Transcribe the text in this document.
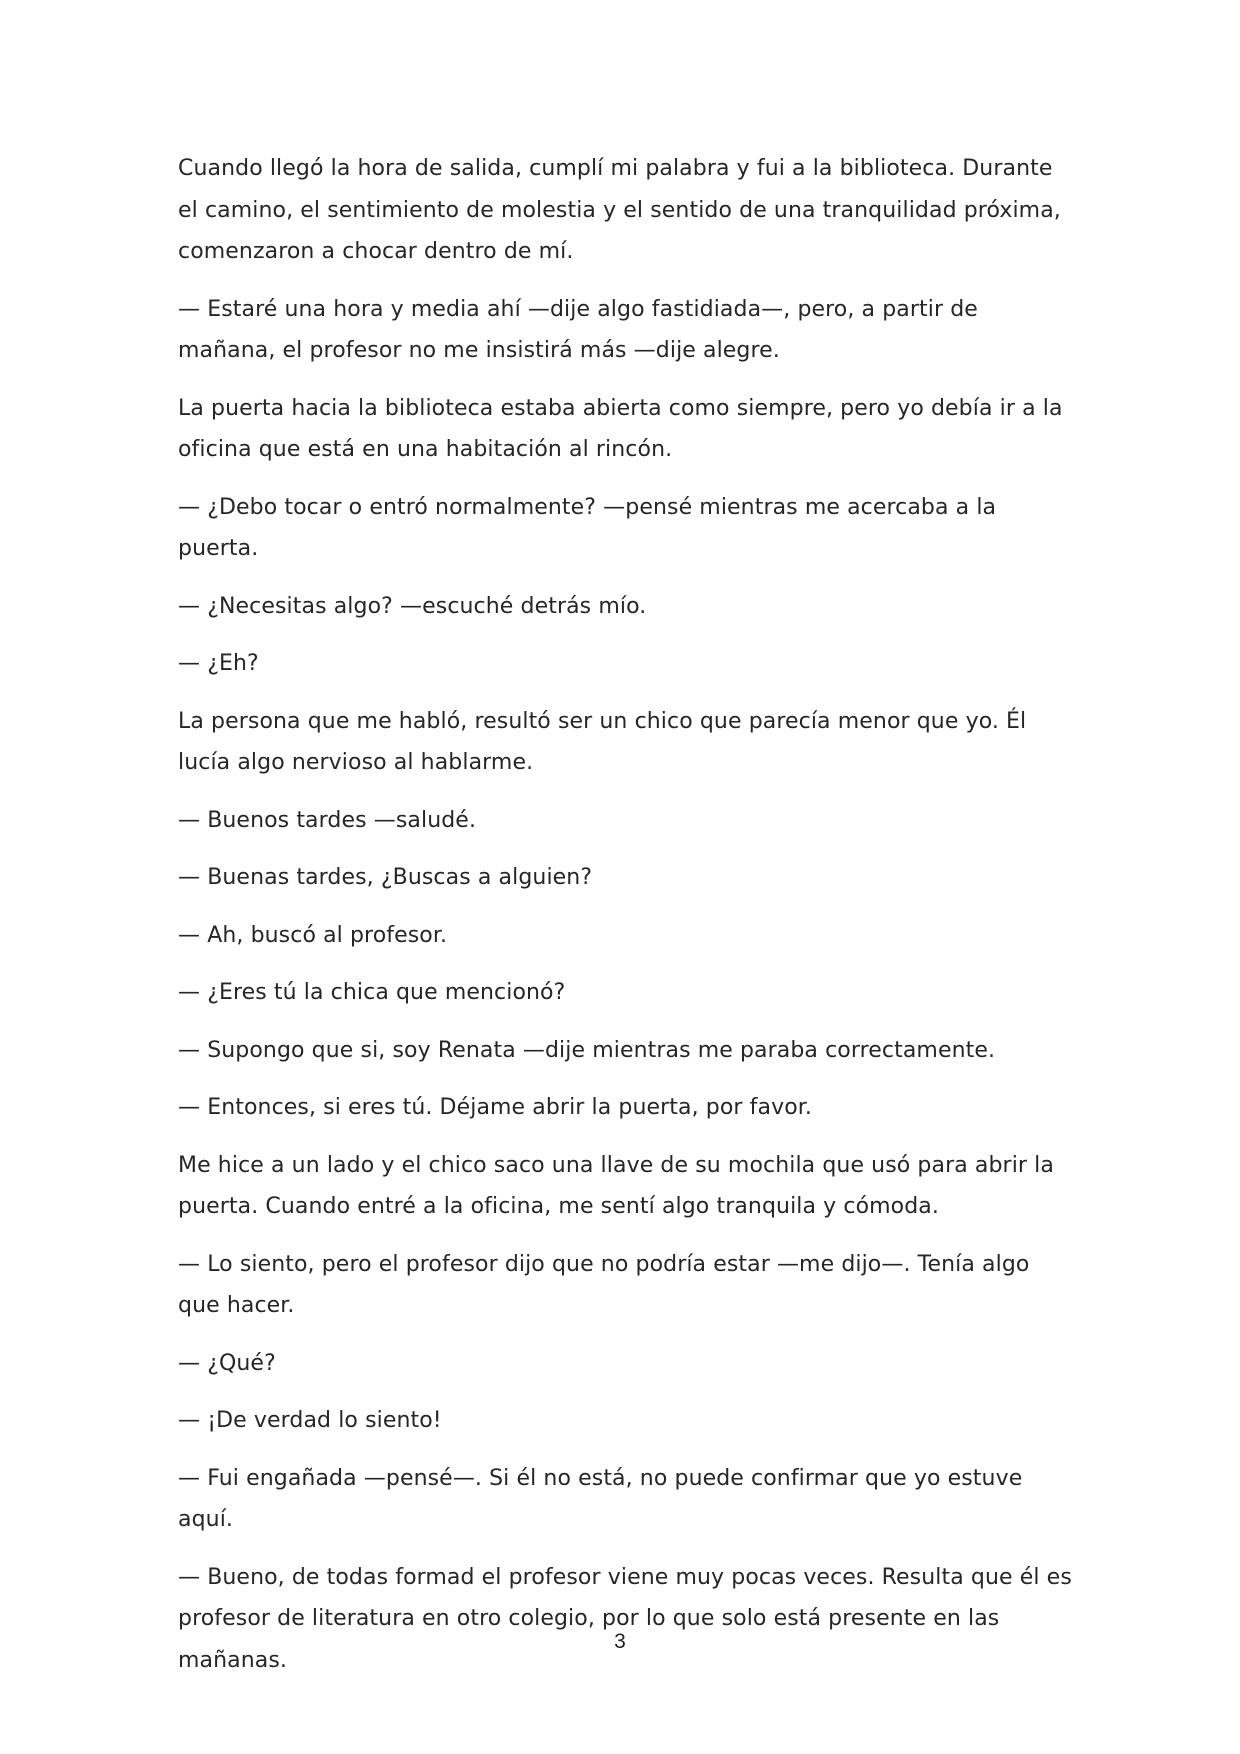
Cuando llegó la hora de salida, cumplí mi palabra y fui a la biblioteca. Durante el camino, el sentimiento de molestia y el sentido de una tranquilidad próxima, comenzaron a chocar dentro de mí.

— Estaré una hora y media ahí —dije algo fastidiada—, pero, a partir de mañana, el profesor no me insistirá más —dije alegre.

La puerta hacia la biblioteca estaba abierta como siempre, pero yo debía ir a la oficina que está en una habitación al rincón.

— ¿Debo tocar o entró normalmente? —pensé mientras me acercaba a la puerta.

— ¿Necesitas algo? —escuché detrás mío.

— ¿Eh?

La persona que me habló, resultó ser un chico que parecía menor que yo. Él lucía algo nervioso al hablarme.

— Buenos tardes —saludé.

— Buenas tardes, ¿Buscas a alguien?

— Ah, buscó al profesor.

— ¿Eres tú la chica que mencionó?

— Supongo que si, soy Renata —dije mientras me paraba correctamente.

— Entonces, si eres tú. Déjame abrir la puerta, por favor.

Me hice a un lado y el chico saco una llave de su mochila que usó para abrir la puerta. Cuando entré a la oficina, me sentí algo tranquila y cómoda.

— Lo siento, pero el profesor dijo que no podría estar —me dijo—. Tenía algo que hacer.

— ¿Qué?

— ¡De verdad lo siento!

— Fui engañada —pensé—. Si él no está, no puede confirmar que yo estuve aquí.

— Bueno, de todas formad el profesor viene muy pocas veces. Resulta que él es profesor de literatura en otro colegio, por lo que solo está presente en las mañanas.

3
